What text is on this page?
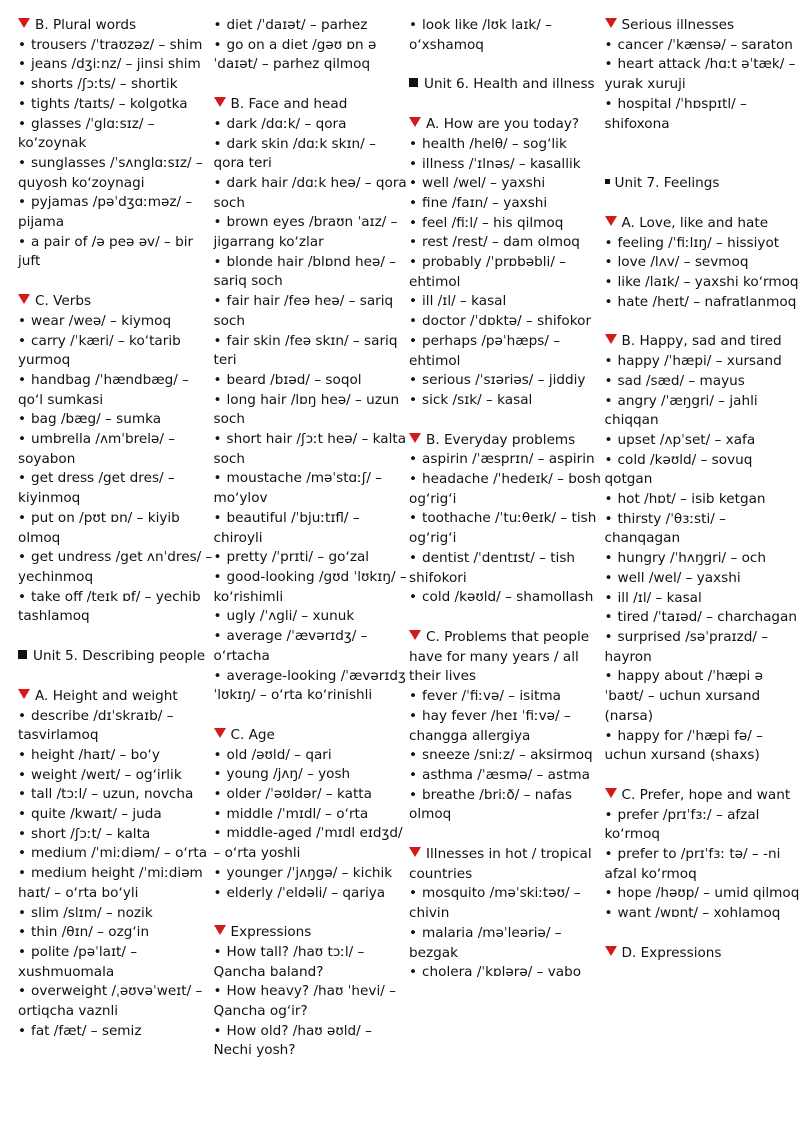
B. Plural words
• trousers /ˈtraʊzəz/ – shim
• jeans /dʒiːnz/ – jinsi shim
• shorts /ʃɔːts/ – shortik
• tights /taɪts/ – kolgotka
• glasses /ˈglɑːsɪz/ – koʻzoynak
• sunglasses /ˈsʌnglɑːsɪz/ – quyosh koʻzoynagi
• pyjamas /pəˈdʒɑːməz/ – pijama
• a pair of /ə peə əv/ – bir juft
C. Verbs
• wear /weə/ – kiymoq
• carry /ˈkæri/ – koʻtarib yurmoq
• handbag /ˈhændbæg/ – qoʻl sumkasi
• bag /bæg/ – sumka
• umbrella /ʌmˈbrelə/ – soyabon
• get dress /get dres/ – kiyinmoq
• put on /pʊt ɒn/ – kiyib olmoq
• get undress /get ʌnˈdres/ – yechinmoq
• take off /teɪk ɒf/ – yechib tashlamoq
Unit 5. Describing people
A. Height and weight
• describe /dɪˈskraɪb/ – tasvirlamoq
• height /haɪt/ – boʻy
• weight /weɪt/ – ogʻirlik
• tall /tɔːl/ – uzun, novcha
• quite /kwaɪt/ – juda
• short /ʃɔːt/ – kalta
• medium /ˈmiːdiəm/ – oʻrta
• medium height /ˈmiːdiəm haɪt/ – oʻrta boʻyli
• slim /slɪm/ – nozik
• thin /θɪn/ – ozgʻin
• polite /pəˈlaɪt/ – xushmuomala
• overweight /ˌəʊvəˈweɪt/ – ortiqcha vaznli
• fat /fæt/ – semiz
• diet /ˈdaɪət/ – parhez
• go on a diet /gəʊ ɒn ə ˈdaɪət/ – parhez qilmoq
B. Face and head
• dark /dɑːk/ – qora
• dark skin /dɑːk skɪn/ – qora teri
• dark hair /dɑːk heə/ – qora soch
• brown eyes /braʊn ˈaɪz/ – jigarrang koʻzlar
• blonde hair /blɒnd heə/ – sariq soch
• fair hair /feə heə/ – sariq soch
• fair skin /feə skɪn/ – sariq teri
• beard /bɪəd/ – soqol
• long hair /lɒŋ heə/ – uzun soch
• short hair /ʃɔːt heə/ – kalta soch
• moustache /məˈstɑːʃ/ – moʻylov
• beautiful /ˈbjuːtɪfl/ – chiroyli
• pretty /ˈprɪti/ – goʻzal
• good-looking /gʊd ˈlʊkɪŋ/ – koʻrishimli
• ugly /ˈʌgli/ – xunuk
• average /ˈævərɪdʒ/ – oʻrtacha
• average-looking /ˈævərɪdʒ ˈlʊkɪŋ/ – oʻrta koʻrinishli
C. Age
• old /əʊld/ – qari
• young /jʌŋ/ – yosh
• older /ˈəʊldər/ – katta
• middle /ˈmɪdl/ – oʻrta
• middle-aged /ˈmɪdl eɪdʒd/ – oʻrta yoshli
• younger /ˈjʌŋgə/ – kichik
• elderly /ˈeldəli/ – qariya
Expressions
• How tall? /haʊ tɔːl/ – Qancha baland?
• How heavy? /haʊ ˈhevi/ – Qancha ogʻir?
• How old? /haʊ əʊld/ – Nechi yosh?
• look like /lʊk laɪk/ – oʻxshamoq
Unit 6. Health and illness
A. How are you today?
• health /helθ/ – sogʻlik
• illness /ˈɪlnəs/ – kasallik
• well /wel/ – yaxshi
• fine /faɪn/ – yaxshi
• feel /fiːl/ – his qilmoq
• rest /rest/ – dam olmoq
• probably /ˈprɒbəbli/ – ehtimol
• ill /ɪl/ – kasal
• doctor /ˈdɒktə/ – shifokor
• perhaps /pəˈhæps/ – ehtimol
• serious /ˈsɪəriəs/ – jiddiy
• sick /sɪk/ – kasal
B. Everyday problems
• aspirin /ˈæsprɪn/ – aspirin
• headache /ˈhedeɪk/ – bosh ogʻrigʻi
• toothache /ˈtuːθeɪk/ – tish ogʻrigʻi
• dentist /ˈdentɪst/ – tish shifokori
• cold /kəʊld/ – shamollash
C. Problems that people have for many years / all their lives
• fever /ˈfiːvə/ – isitma
• hay fever /heɪ ˈfiːvə/ – changga allergiya
• sneeze /sniːz/ – aksirmoq
• asthma /ˈæsmə/ – astma
• breathe /briːð/ – nafas olmoq
Illnesses in hot / tropical countries
• mosquito /məˈskiːtəʊ/ – chivin
• malaria /məˈleəriə/ – bezgak
• cholera /ˈkɒlərə/ – vabo
Serious illnesses
• cancer /ˈkænsə/ – saraton
• heart attack /hɑːt əˈtæk/ – yurak xuruji
• hospital /ˈhɒspɪtl/ – shifoxona
Unit 7. Feelings
A. Love, like and hate
• feeling /ˈfiːlɪŋ/ – hissiyot
• love /lʌv/ – sevmoq
• like /laɪk/ – yaxshi koʻrmoq
• hate /heɪt/ – nafratlanmoq
B. Happy, sad and tired
• happy /ˈhæpi/ – xursand
• sad /sæd/ – mayus
• angry /ˈæŋgri/ – jahli chiqqan
• upset /ʌpˈset/ – xafa
• cold /kəʊld/ – sovuq qotgan
• hot /hɒt/ – isib ketgan
• thirsty /ˈθɜːsti/ – chanqagan
• hungry /ˈhʌŋgri/ – och
• well /wel/ – yaxshi
• ill /ɪl/ – kasal
• tired /ˈtaɪəd/ – charchagan
• surprised /səˈpraɪzd/ – hayron
• happy about /ˈhæpi əˈbaʊt/ – uchun xursand (narsa)
• happy for /ˈhæpi fə/ – uchun xursand (shaxs)
C. Prefer, hope and want
• prefer /prɪˈfɜː/ – afzal koʻrmoq
• prefer to /prɪˈfɜː tə/ – -ni afzal koʻrmoq
• hope /həʊp/ – umid qilmoq
• want /wɒnt/ – xohlamoq
D. Expressions
